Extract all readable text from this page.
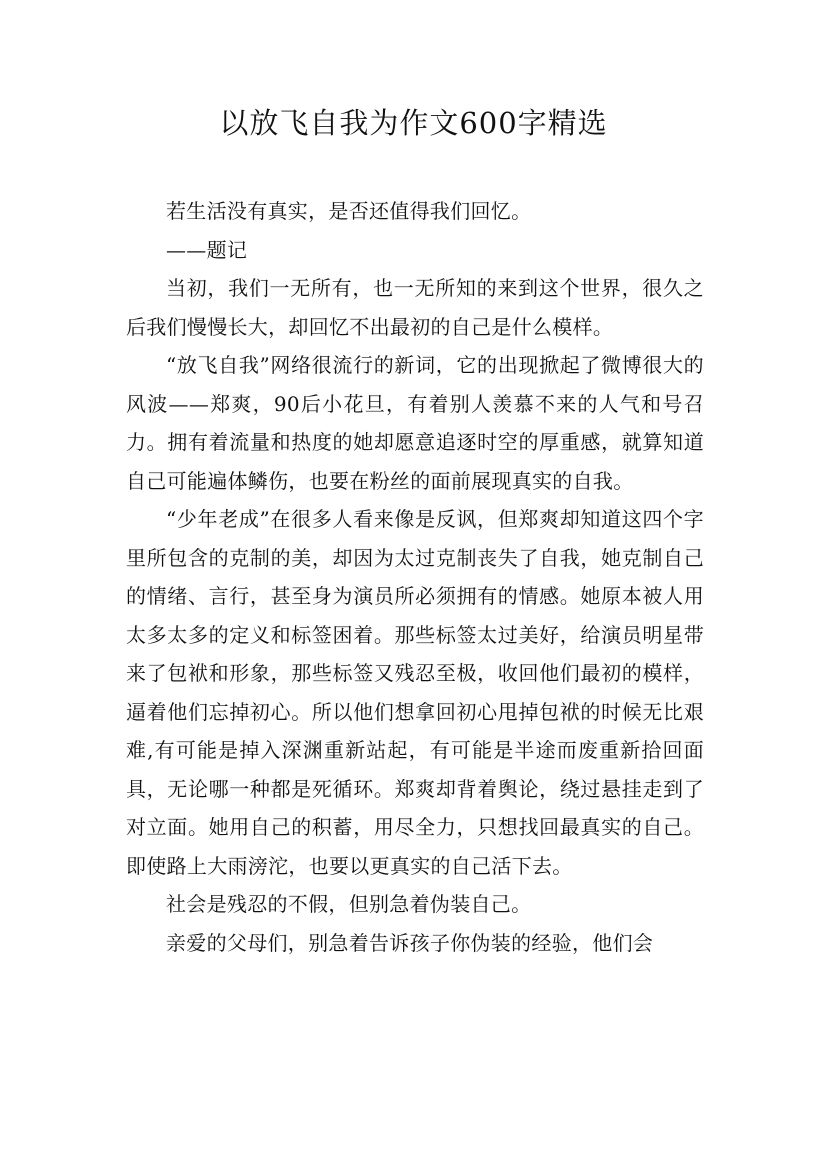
以放飞自我为作文600字精选

若生活没有真实，是否还值得我们回忆。

——题记

当初，我们一无所有，也一无所知的来到这个世界，很久之后我们慢慢长大，却回忆不出最初的自己是什么模样。

“放飞自我”网络很流行的新词，它的出现掀起了微博很大的风波——郑爽，90后小花旦，有着别人羡慕不来的人气和号召力。拥有着流量和热度的她却愿意追逐时空的厚重感，就算知道自己可能遍体鳞伤，也要在粉丝的面前展现真实的自我。

“少年老成”在很多人看来像是反讽，但郑爽却知道这四个字里所包含的克制的美，却因为太过克制丧失了自我，她克制自己的情绪、言行，甚至身为演员所必须拥有的情感。她原本被人用太多太多的定义和标签困着。那些标签太过美好，给演员明星带来了包袱和形象，那些标签又残忍至极，收回他们最初的模样，逼着他们忘掉初心。所以他们想拿回初心甩掉包袱的时候无比艰难,有可能是掉入深渊重新站起，有可能是半途而废重新拾回面具，无论哪一种都是死循环。郑爽却背着舆论，绕过悬挂走到了对立面。她用自己的积蓄，用尽全力，只想找回最真实的自己。即使路上大雨滂沱，也要以更真实的自己活下去。

社会是残忍的不假，但别急着伪装自己。

亲爱的父母们，别急着告诉孩子你伪装的经验，他们会
